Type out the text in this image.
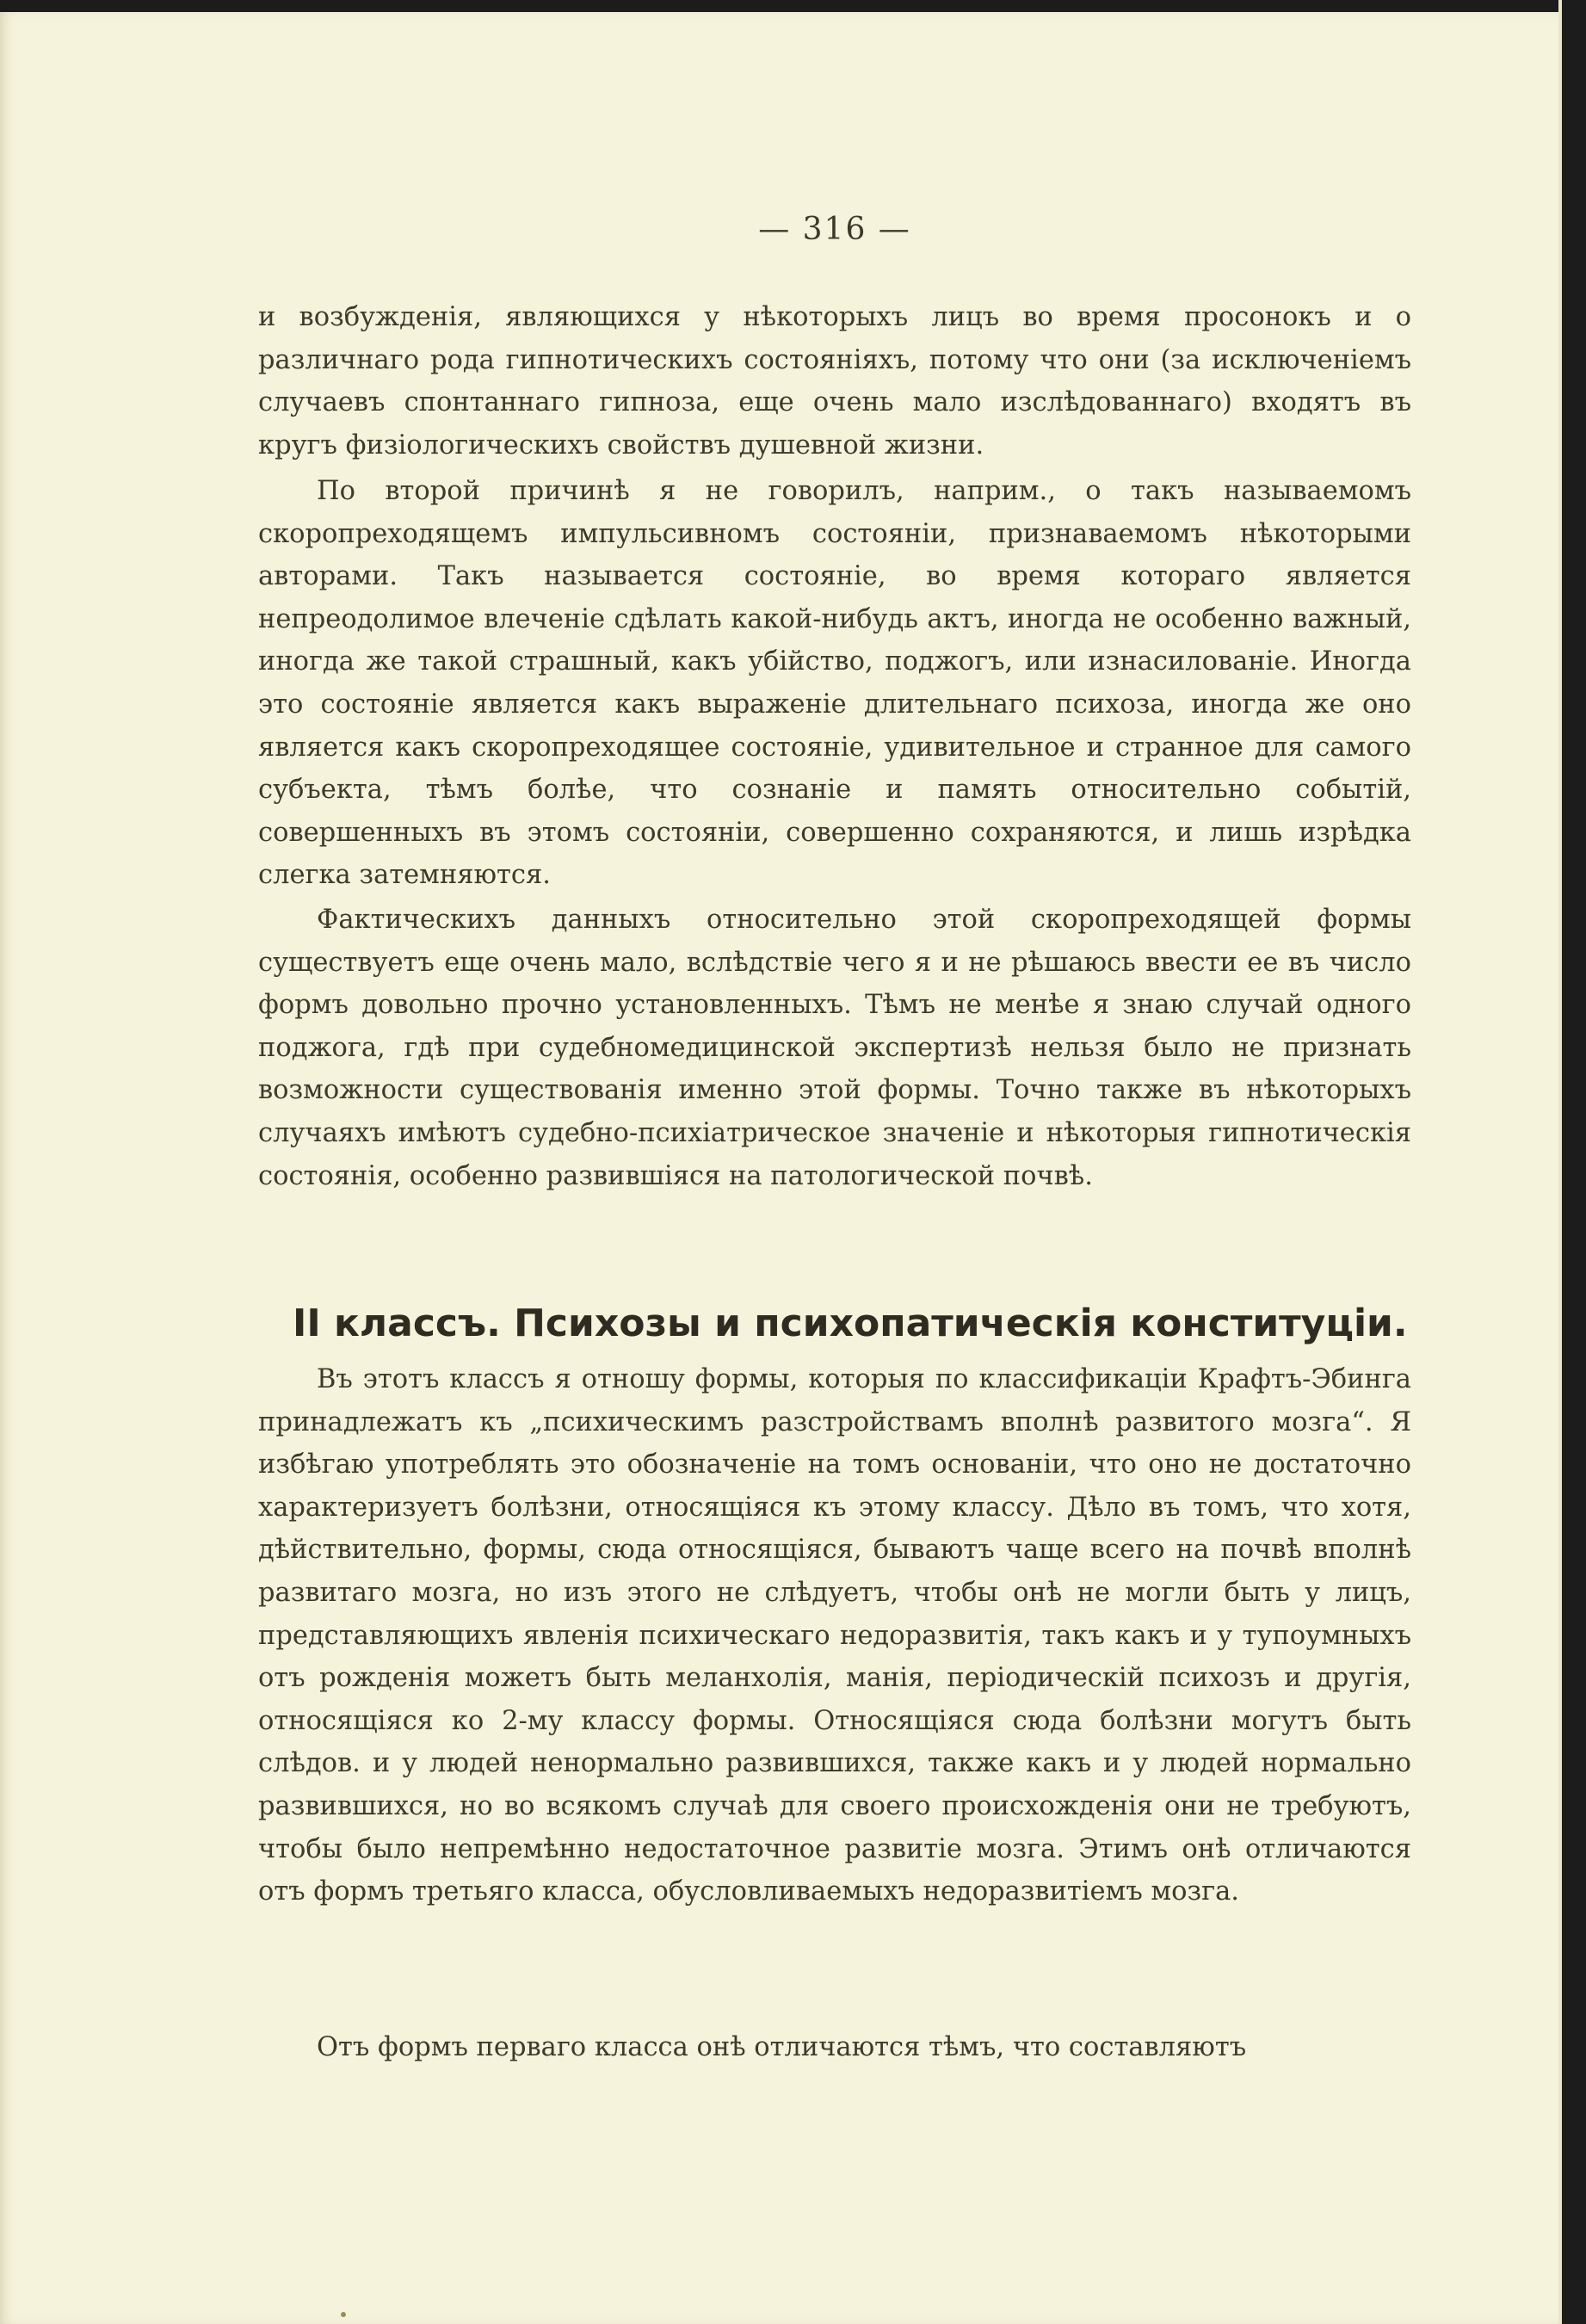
— 316 —

и возбужденія, являющихся у нѣкоторыхъ лицъ во время просонокъ и о различнаго рода гипнотическихъ состояніяхъ, потому что они (за исключеніемъ случаевъ спонтаннаго гипноза, еще очень мало изслѣдованнаго) входятъ въ кругъ физіологическихъ свойствъ душевной жизни.

По второй причинѣ я не говорилъ, наприм., о такъ называемомъ скоропреходящемъ импульсивномъ состояніи, признаваемомъ нѣкоторыми авторами. Такъ называется состояніе, во время котораго является непреодолимое влеченіе сдѣлать какой-нибудь актъ, иногда не особенно важный, иногда же такой страшный, какъ убійство, поджогъ, или изнасилованіе. Иногда это состояніе является какъ выраженіе длительнаго психоза, иногда же оно является какъ скоропреходящее состояніе, удивительное и странное для самого субъекта, тѣмъ болѣе, что сознаніе и память относительно событій, совершенныхъ въ этомъ состояніи, совершенно сохраняются, и лишь изрѣдка слегка затемняются.

Фактическихъ данныхъ относительно этой скоропреходящей формы существуетъ еще очень мало, вслѣдствіе чего я и не рѣшаюсь ввести ее въ число формъ довольно прочно установленныхъ. Тѣмъ не менѣе я знаю случай одного поджога, гдѣ при судебномедицинской экспертизѣ нельзя было не признать возможности существованія именно этой формы. Точно также въ нѣкоторыхъ случаяхъ имѣютъ судебно-психіатрическое значеніе и нѣкоторыя гипнотическія состоянія, особенно развившіяся на патологической почвѣ.

II классъ. Психозы и психопатическія конституціи.

Въ этотъ классъ я отношу формы, которыя по классификаціи Крафтъ-Эбинга принадлежатъ къ „психическимъ разстройствамъ вполнѣ развитого мозга“. Я избѣгаю употреблять это обозначеніе на томъ основаніи, что оно не достаточно характеризуетъ болѣзни, относящіяся къ этому классу. Дѣло въ томъ, что хотя, дѣйствительно, формы, сюда относящіяся, бываютъ чаще всего на почвѣ вполнѣ развитаго мозга, но изъ этого не слѣдуетъ, чтобы онѣ не могли быть у лицъ, представляющихъ явленія психическаго недоразвитія, такъ какъ и у тупоумныхъ отъ рожденія можетъ быть меланхолія, манія, періодическій психозъ и другія, относящіяся ко 2-му классу формы. Относящіяся сюда болѣзни могутъ быть слѣдов. и у людей ненормально развившихся, также какъ и у людей нормально развившихся, но во всякомъ случаѣ для своего происхожденія они не требуютъ, чтобы было непремѣнно недостаточное развитіе мозга. Этимъ онѣ отличаются отъ формъ третьяго класса, обусловливаемыхъ недоразвитіемъ мозга.

Отъ формъ перваго класса онѣ отличаются тѣмъ, что составляютъ
